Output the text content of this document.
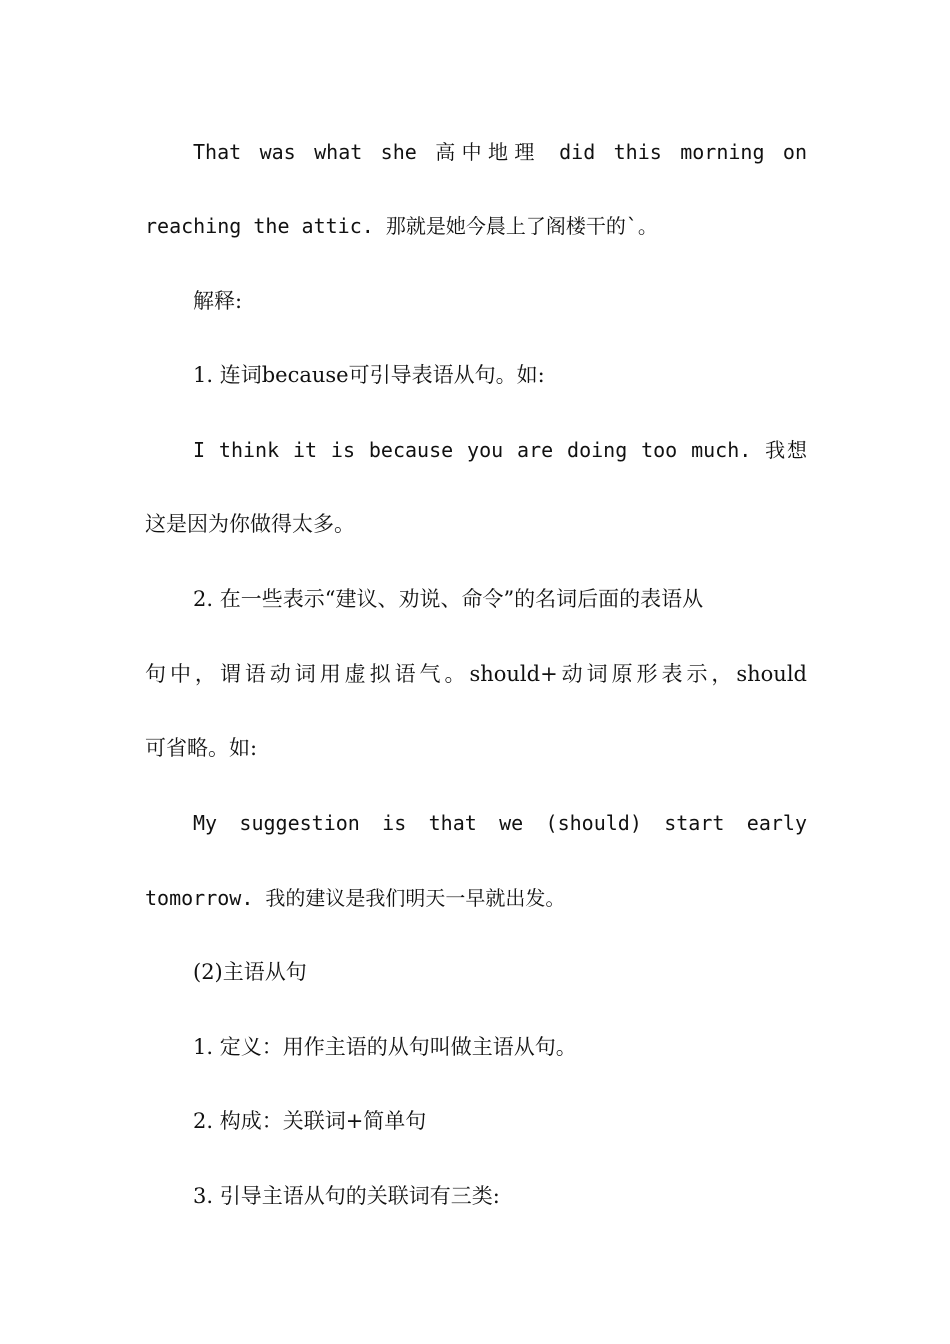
That was what she 高中地理 did this morning on
reaching the attic. 那就是她今晨上了阁楼干的`。
解释:
1. 连词because可引导表语从句。如:
I think it is because you are doing too much. 我想
这是因为你做得太多。
2. 在一些表示“建议、劝说、命令”的名词后面的表语从
句中，谓语动词用虚拟语气。should+动词原形表示，should
可省略。如:
My suggestion is that we (should) start early
tomorrow. 我的建议是我们明天一早就出发。
(2)主语从句
1. 定义：用作主语的从句叫做主语从句。
2. 构成：关联词+简单句
3. 引导主语从句的关联词有三类:
